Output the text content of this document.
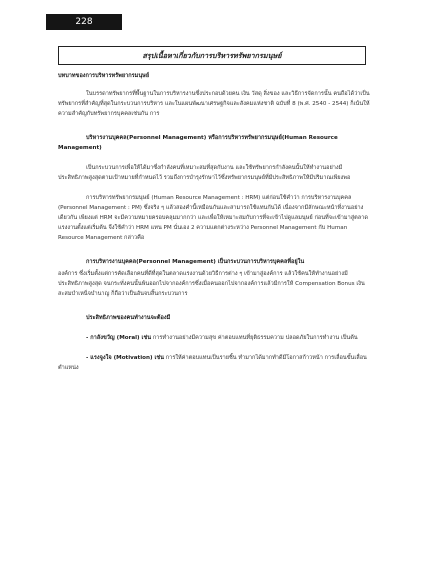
228
สรุปเนื้อหาเกี่ยวกับการบริหารทรัพยากรมนุษย์

บทบาทของการบริหารทรัพยากรมนุษย์

ในบรรดาทรัพยากรที่พื้นฐานในการบริหารงานซึ่งประกอบด้วยคน เงิน วัสดุ สิ่งของ และวิธีการจัดการนั้น คนถือได้ว่าเป็นทรัพยากรที่สำคัญที่สุดในกระบวนการบริหาร และในแผนพัฒนาเศรษฐกิจและสังคมแห่งชาติ ฉบับที่ 8 (พ.ศ. 2540 - 2544) ก็เน้นให้ความสำคัญกับทรัพยากรบุคคลเช่นกัน การ

บริหารงานบุคคล(Personnel Management) หรือการบริหารทรัพยากรมนุษย์(Human Resource Management)

เป็นกระบวนการเพื่อให้ได้มาซึ่งกำลังคนที่เหมาะสมที่สุดกับงาน และใช้ทรัพยากรกำลังคนนั้นให้ทำงานอย่างมีประสิทธิภาพสูงสุดตามเป้าหมายที่กำหนดไว้ รวมถึงการบำรุงรักษาไว้ซึ่งทรัพยากรมนุษย์ที่มีประสิทธิภาพให้มีปริมาณเพียงพอ

การบริหารทรัพยากรมนุษย์ (Human Resource Management : HRM) แต่ก่อนใช้คำว่า การบริหารงานบุคคล (Personnel Management : PM) ซึ่งจริง ๆ แล้วสองคำนี้เหมือนกันและสามารถใช้แทนกันได้ เนื่องจากมีลักษณะหน้าที่งานอย่างเดียวกัน เพียงแต่ HRM จะมีความหมายครอบคลุมมากกว่า และเพื่อให้เหมาะสมกับการที่จะเข้าไปดูแลมนุษย์ ก่อนที่จะเข้ามาสู่ตลาดแรงงานตั้งแต่เริ่มต้น จึงใช้คำว่า HRM แทน PM นั่นเอง 2 ความแตกต่างระหว่าง Personnel Management กับ Human Resource Management กล่าวคือ

การบริหารงานบุคคล(Personnel Management) เป็นกระบวนการบริหารบุคคลที่อยู่ใน

องค์การ ซึ่งเริ่มตั้งแต่การคัดเลือกคนที่ดีที่สุดในตลาดแรงงานด้วยวิธีการต่าง ๆ เข้ามาสู่องค์การ แล้วใช้คนให้ทำงานอย่างมีประสิทธิภาพสูงสุด จนกระทั่งคนนั้นพ้นออกไปจากองค์การซึ่งเมื่อคนออกไปจากองค์การแล้วมีการให้ Compensation Bonus เงินสะสมบำเหน็จบำนาญ ก็ถือว่าเป็นอันจบสิ้นกระบวนการ

ประสิทธิภาพของคนทำงานจะต้องมี

- กาลังขวัญ (Moral) เช่น การทำงานอย่างมีความสุข ค่าตอบแทนที่ยุติธรรมความ ปลอดภัยในการทำงาน เป็นต้น

- แรงจูงใจ (Motivation) เช่น การให้ค่าตอบแทนเป็นรายชิ้น ทำมากได้มากทำดีมีโอกาสก้าวหน้า การเลื่อนขั้นเลื่อนตำแหน่ง
